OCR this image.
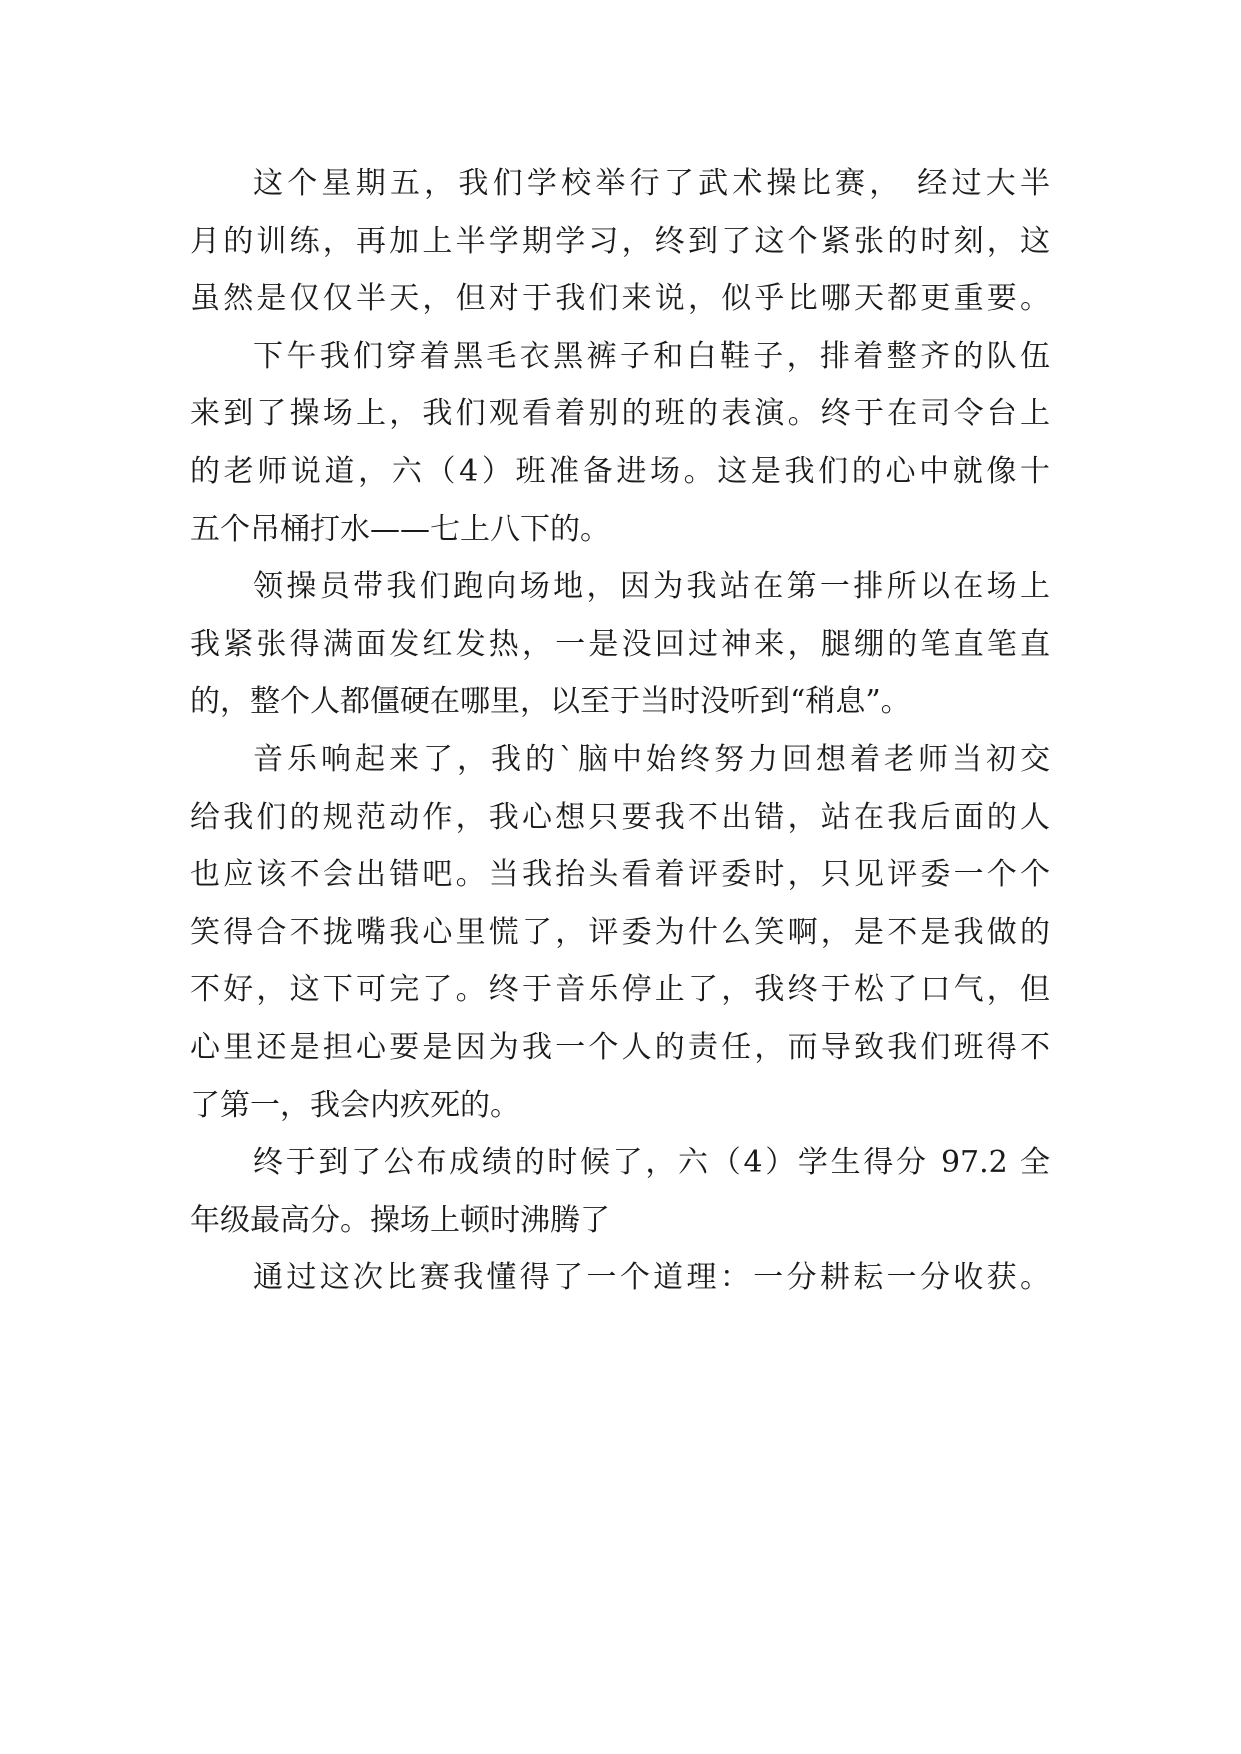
这个星期五，我们学校举行了武术操比赛， 经过大半
月的训练，再加上半学期学习，终到了这个紧张的时刻，这
虽然是仅仅半天，但对于我们来说，似乎比哪天都更重要。
下午我们穿着黑毛衣黑裤子和白鞋子，排着整齐的队伍
来到了操场上，我们观看着别的班的表演。终于在司令台上
的老师说道，六（4）班准备进场。这是我们的心中就像十
五个吊桶打水——七上八下的。
领操员带我们跑向场地，因为我站在第一排所以在场上
我紧张得满面发红发热，一是没回过神来，腿绷的笔直笔直
的，整个人都僵硬在哪里，以至于当时没听到“稍息”。
音乐响起来了，我的`脑中始终努力回想着老师当初交
给我们的规范动作，我心想只要我不出错，站在我后面的人
也应该不会出错吧。当我抬头看着评委时，只见评委一个个
笑得合不拢嘴我心里慌了，评委为什么笑啊，是不是我做的
不好，这下可完了。终于音乐停止了，我终于松了口气，但
心里还是担心要是因为我一个人的责任，而导致我们班得不
了第一，我会内疚死的。
终于到了公布成绩的时候了，六（4）学生得分 97.2 全
年级最高分。操场上顿时沸腾了
通过这次比赛我懂得了一个道理：一分耕耘一分收获。
